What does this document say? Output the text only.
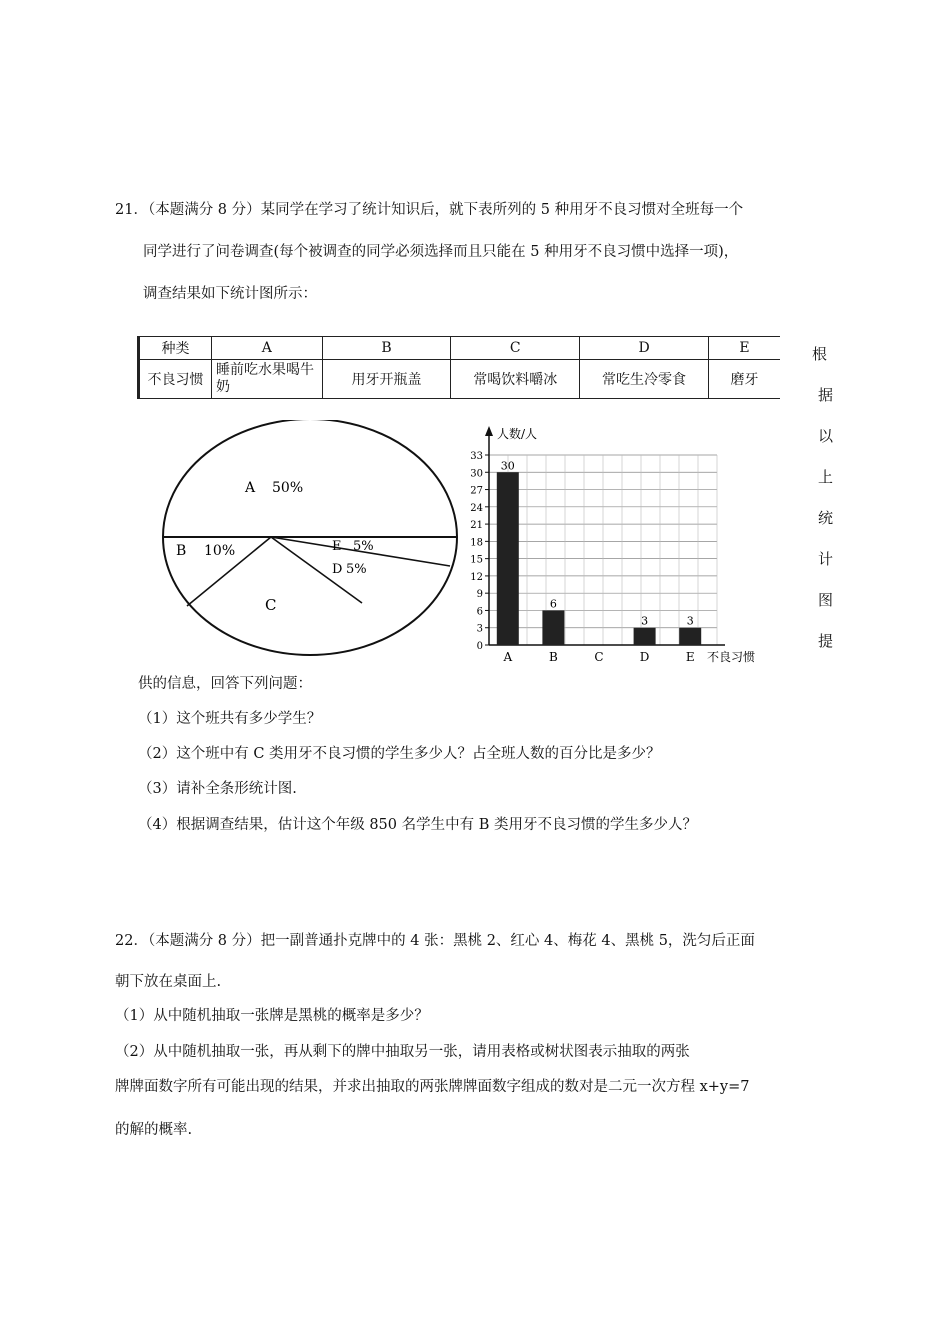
21．（本题满分 8 分）某同学在学习了统计知识后，就下表所列的 5 种用牙不良习惯对全班每一个
同学进行了问卷调查(每个被调查的同学必须选择而且只能在 5 种用牙不良习惯中选择一项)，
调查结果如下统计图所示：
种类	A	B	C	D	E
不良习惯	睡前吃水果喝牛奶	用牙开瓶盖	常喝饮料嚼冰	常吃生冷零食	磨牙
根
据
以
上
统
计
图
提
A 50%
B 10%	E 5%
D 5%
C
0
3
6
9
12
15
18
21
24
27
30
33
人数/人
不良习惯
A
30
B
6
C	D
3
E
3
供的信息，回答下列问题：
（1）这个班共有多少学生？
（2）这个班中有 C 类用牙不良习惯的学生多少人？占全班人数的百分比是多少？
（3）请补全条形统计图.
（4）根据调查结果，估计这个年级 850 名学生中有 B 类用牙不良习惯的学生多少人？
22．（本题满分 8 分）把一副普通扑克牌中的 4 张：黑桃 2、红心 4、梅花 4、黑桃 5，洗匀后正面
朝下放在桌面上.
（1）从中随机抽取一张牌是黑桃的概率是多少？
（2）从中随机抽取一张，再从剩下的牌中抽取另一张，请用表格或树状图表示抽取的两张
牌牌面数字所有可能出现的结果，并求出抽取的两张牌牌面数字组成的数对是二元一次方程 x+y=7
的解的概率.
